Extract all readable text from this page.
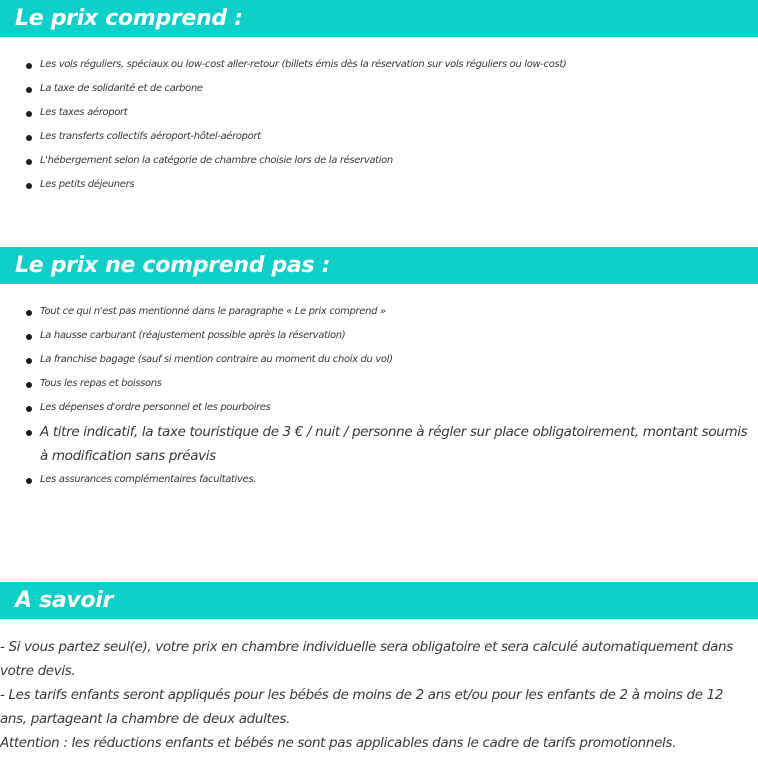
Le prix comprend :
Les vols réguliers, spéciaux ou low-cost aller-retour (billets émis dès la réservation sur vols réguliers ou low-cost)
La taxe de solidarité et de carbone
Les taxes aéroport
Les transferts collectifs aéroport-hôtel-aéroport
L'hébergement selon la catégorie de chambre choisie lors de la réservation
Les petits déjeuners
Le prix ne comprend pas :
Tout ce qui n'est pas mentionné dans le paragraphe « Le prix comprend »
La hausse carburant (réajustement possible après la réservation)
La franchise bagage (sauf si mention contraire au moment du choix du vol)
Tous les repas et boissons
Les dépenses d'ordre personnel et les pourboires
A titre indicatif, la taxe touristique de 3 € / nuit / personne à régler sur place obligatoirement, montant soumis à modification sans préavis
Les assurances complémentaires facultatives.
A savoir

- Si vous partez seul(e), votre prix en chambre individuelle sera obligatoire et sera calculé automatiquement dans votre devis.

- Les tarifs enfants seront appliqués pour les bébés de moins de 2 ans et/ou pour les enfants de 2 à moins de 12 ans, partageant la chambre de deux adultes.

Attention : les réductions enfants et bébés ne sont pas applicables dans le cadre de tarifs promotionnels.
